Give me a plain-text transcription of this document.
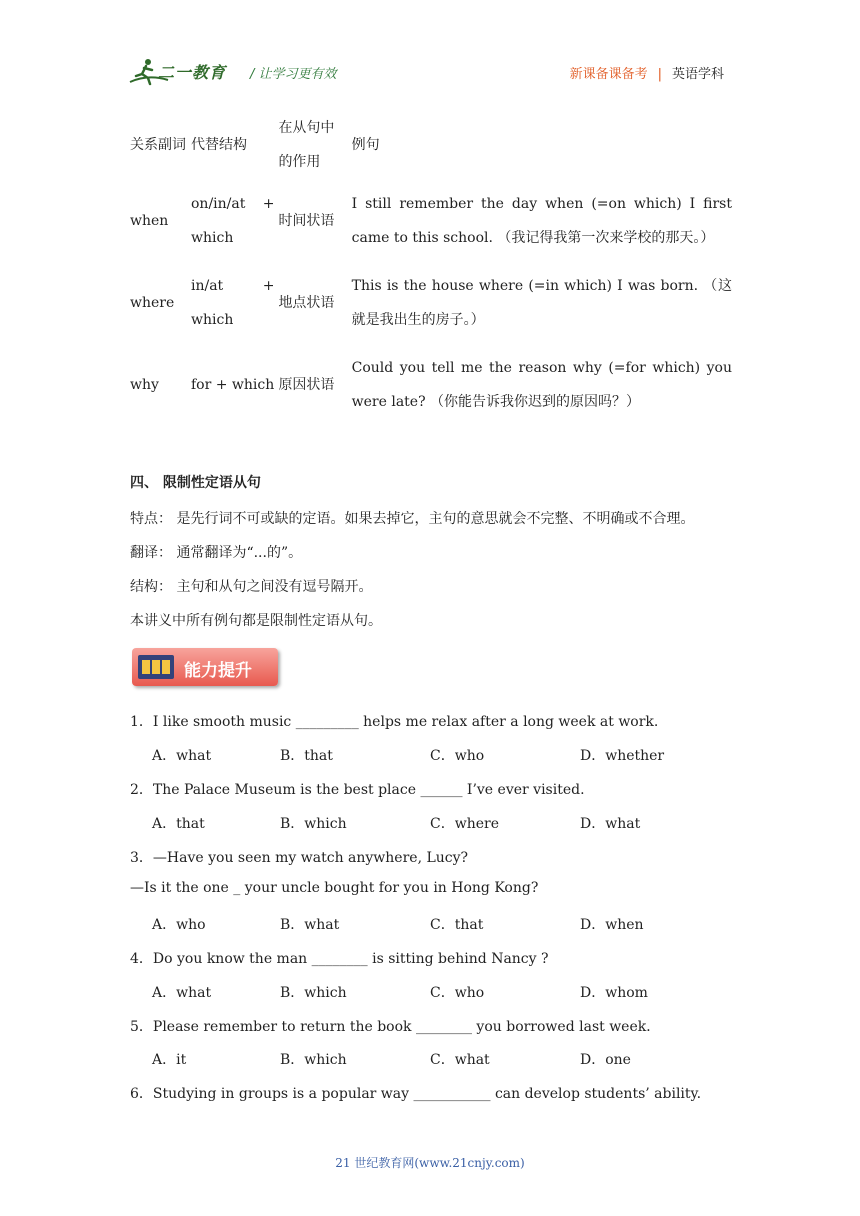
二一教育 / 让学习更有效	新课备课备考 | 英语学科
关系副词	代替结构	在从句中的作用	例句
when	on/in/at + which	时间状语	I still remember the day when (=on which) I first came to this school. （我记得我第一次来学校的那天。）
where	in/at + which	地点状语	This is the house where (=in which) I was born. （这就是我出生的房子。）
why	for + which	原因状语	Could you tell me the reason why (=for which) you were late? （你能告诉我你迟到的原因吗？）
四、 限制性定语从句
特点： 是先行词不可或缺的定语。如果去掉它，主句的意思就会不完整、不明确或不合理。
翻译： 通常翻译为“...的”。
结构： 主句和从句之间没有逗号隔开。
本讲义中所有例句都是限制性定语从句。
能力提升
1．I like smooth music _________ helps me relax after a long week at work.
A．what	B．that	C．who	D．whether
2．The Palace Museum is the best place ______ I’ve ever visited.
A．that	B．which	C．where	D．what
3．—Have you seen my watch anywhere, Lucy?
—Is it the one _ your uncle bought for you in Hong Kong?
A．who	B．what	C．that	D．when
4．Do you know the man ________ is sitting behind Nancy ?
A．what	B．which	C．who	D．whom
5．Please remember to return the book ________ you borrowed last week．
A．it	B．which	C．what	D．one
6．Studying in groups is a popular way ___________ can develop students’ ability.
21 世纪教育网(www.21cnjy.com)
